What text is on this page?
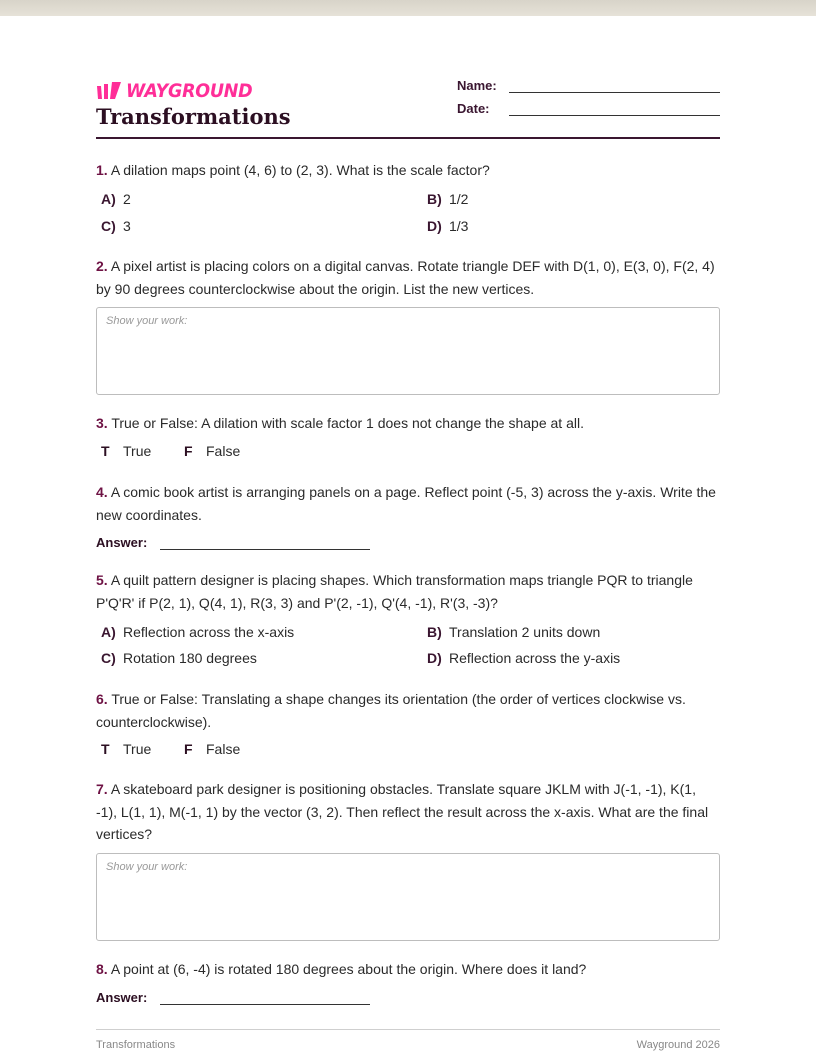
WAYGROUND
Transformations
Name:
Date:
1. A dilation maps point (4, 6) to (2, 3). What is the scale factor?
A) 2	B) 1/2
C) 3	D) 1/3
2. A pixel artist is placing colors on a digital canvas. Rotate triangle DEF with D(1, 0), E(3, 0), F(2, 4) by 90 degrees counterclockwise about the origin. List the new vertices.
Show your work:
3. True or False: A dilation with scale factor 1 does not change the shape at all.
T True F False
4. A comic book artist is arranging panels on a page. Reflect point (-5, 3) across the y-axis. Write the new coordinates.
Answer:
5. A quilt pattern designer is placing shapes. Which transformation maps triangle PQR to triangle P'Q'R' if P(2, 1), Q(4, 1), R(3, 3) and P'(2, -1), Q'(4, -1), R'(3, -3)?
A) Reflection across the x-axis	B) Translation 2 units down
C) Rotation 180 degrees	D) Reflection across the y-axis
6. True or False: Translating a shape changes its orientation (the order of vertices clockwise vs. counterclockwise).
T True F False
7. A skateboard park designer is positioning obstacles. Translate square JKLM with J(-1, -1), K(1, -1), L(1, 1), M(-1, 1) by the vector (3, 2). Then reflect the result across the x-axis. What are the final vertices?
Show your work:
8. A point at (6, -4) is rotated 180 degrees about the origin. Where does it land?
Answer:
Transformations	Wayground 2026
